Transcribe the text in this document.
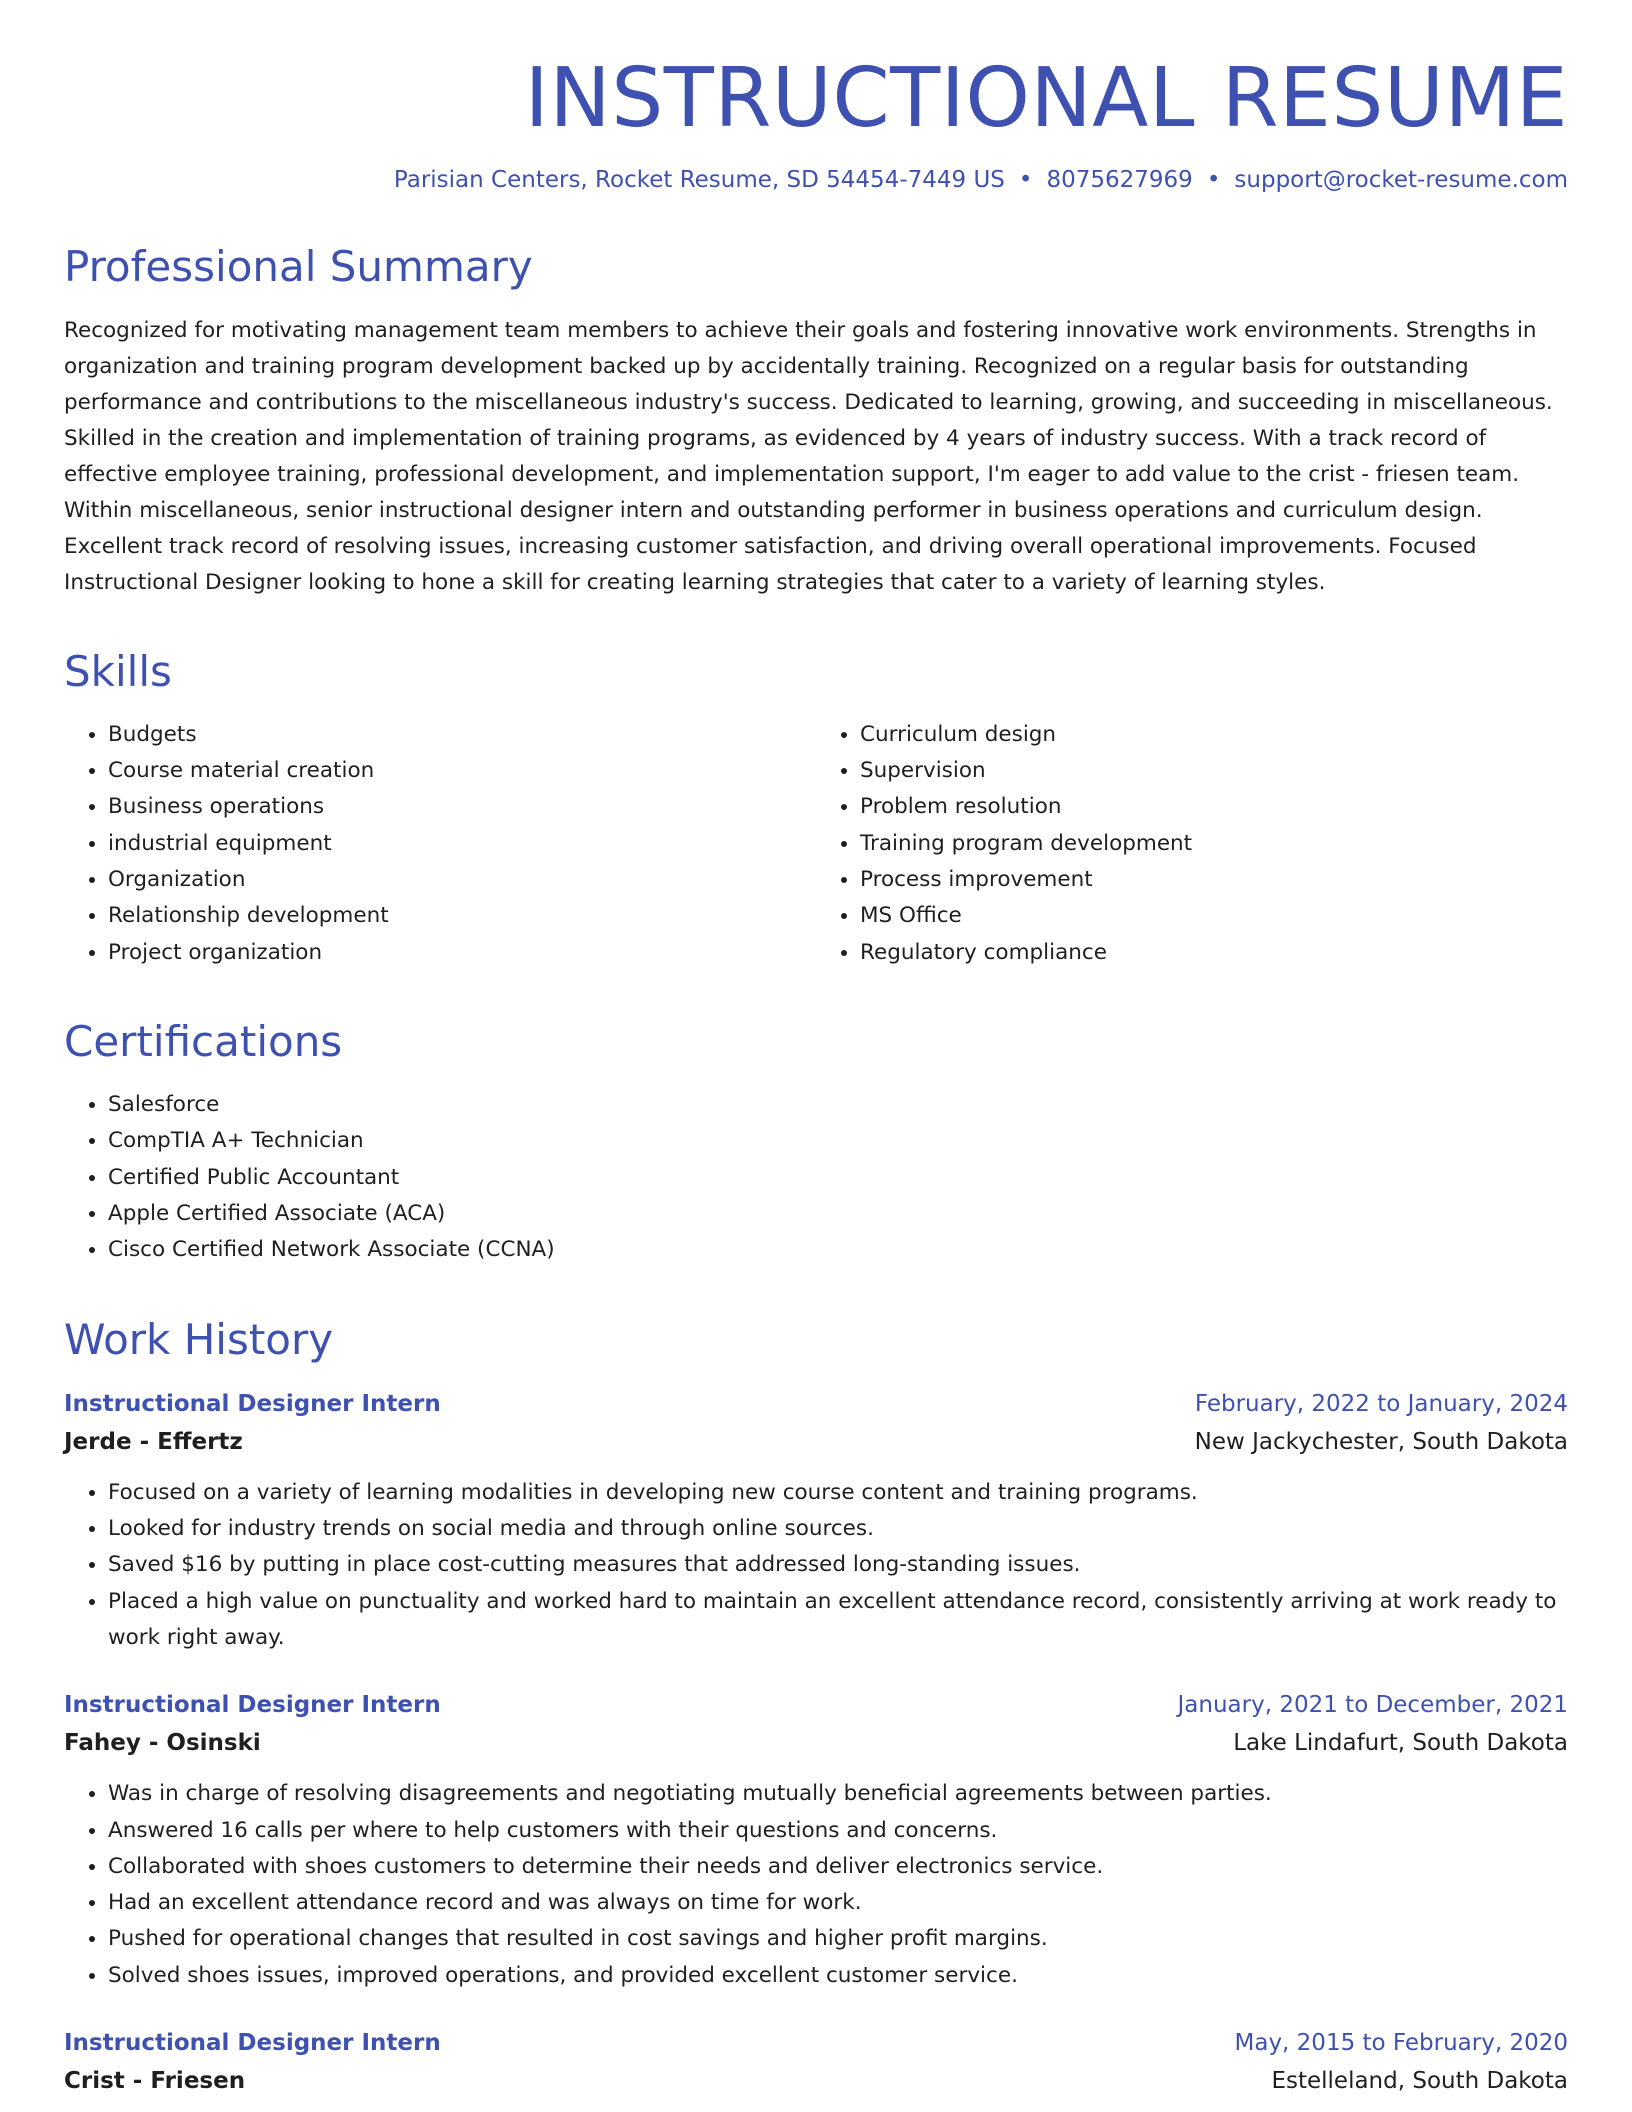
INSTRUCTIONAL RESUME
Parisian Centers, Rocket Resume, SD 54454-7449 US • 8075627969 • support@rocket-resume.com
Professional Summary

Recognized for motivating management team members to achieve their goals and fostering innovative work environments. Strengths in organization and training program development backed up by accidentally training. Recognized on a regular basis for outstanding performance and contributions to the miscellaneous industry's success. Dedicated to learning, growing, and succeeding in miscellaneous. Skilled in the creation and implementation of training programs, as evidenced by 4 years of industry success. With a track record of effective employee training, professional development, and implementation support, I'm eager to add value to the crist - friesen team. Within miscellaneous, senior instructional designer intern and outstanding performer in business operations and curriculum design. Excellent track record of resolving issues, increasing customer satisfaction, and driving overall operational improvements. Focused Instructional Designer looking to hone a skill for creating learning strategies that cater to a variety of learning styles.

Skills
• Budgets
• Course material creation
• Business operations
• industrial equipment
• Organization
• Relationship development
• Project organization
• Curriculum design
• Supervision
• Problem resolution
• Training program development
• Process improvement
• MS Office
• Regulatory compliance
Certifications
• Salesforce
• CompTIA A+ Technician
• Certified Public Accountant
• Apple Certified Associate (ACA)
• Cisco Certified Network Associate (CCNA)
Work History
Instructional Designer Intern	February, 2022 to January, 2024
Jerde - Effertz	New Jackychester, South Dakota
• Focused on a variety of learning modalities in developing new course content and training programs.
• Looked for industry trends on social media and through online sources.
• Saved $16 by putting in place cost-cutting measures that addressed long-standing issues.
• Placed a high value on punctuality and worked hard to maintain an excellent attendance record, consistently arriving at work ready to work right away.
Instructional Designer Intern	January, 2021 to December, 2021
Fahey - Osinski	Lake Lindafurt, South Dakota
• Was in charge of resolving disagreements and negotiating mutually beneficial agreements between parties.
• Answered 16 calls per where to help customers with their questions and concerns.
• Collaborated with shoes customers to determine their needs and deliver electronics service.
• Had an excellent attendance record and was always on time for work.
• Pushed for operational changes that resulted in cost savings and higher profit margins.
• Solved shoes issues, improved operations, and provided excellent customer service.
Instructional Designer Intern	May, 2015 to February, 2020
Crist - Friesen	Estelleland, South Dakota
